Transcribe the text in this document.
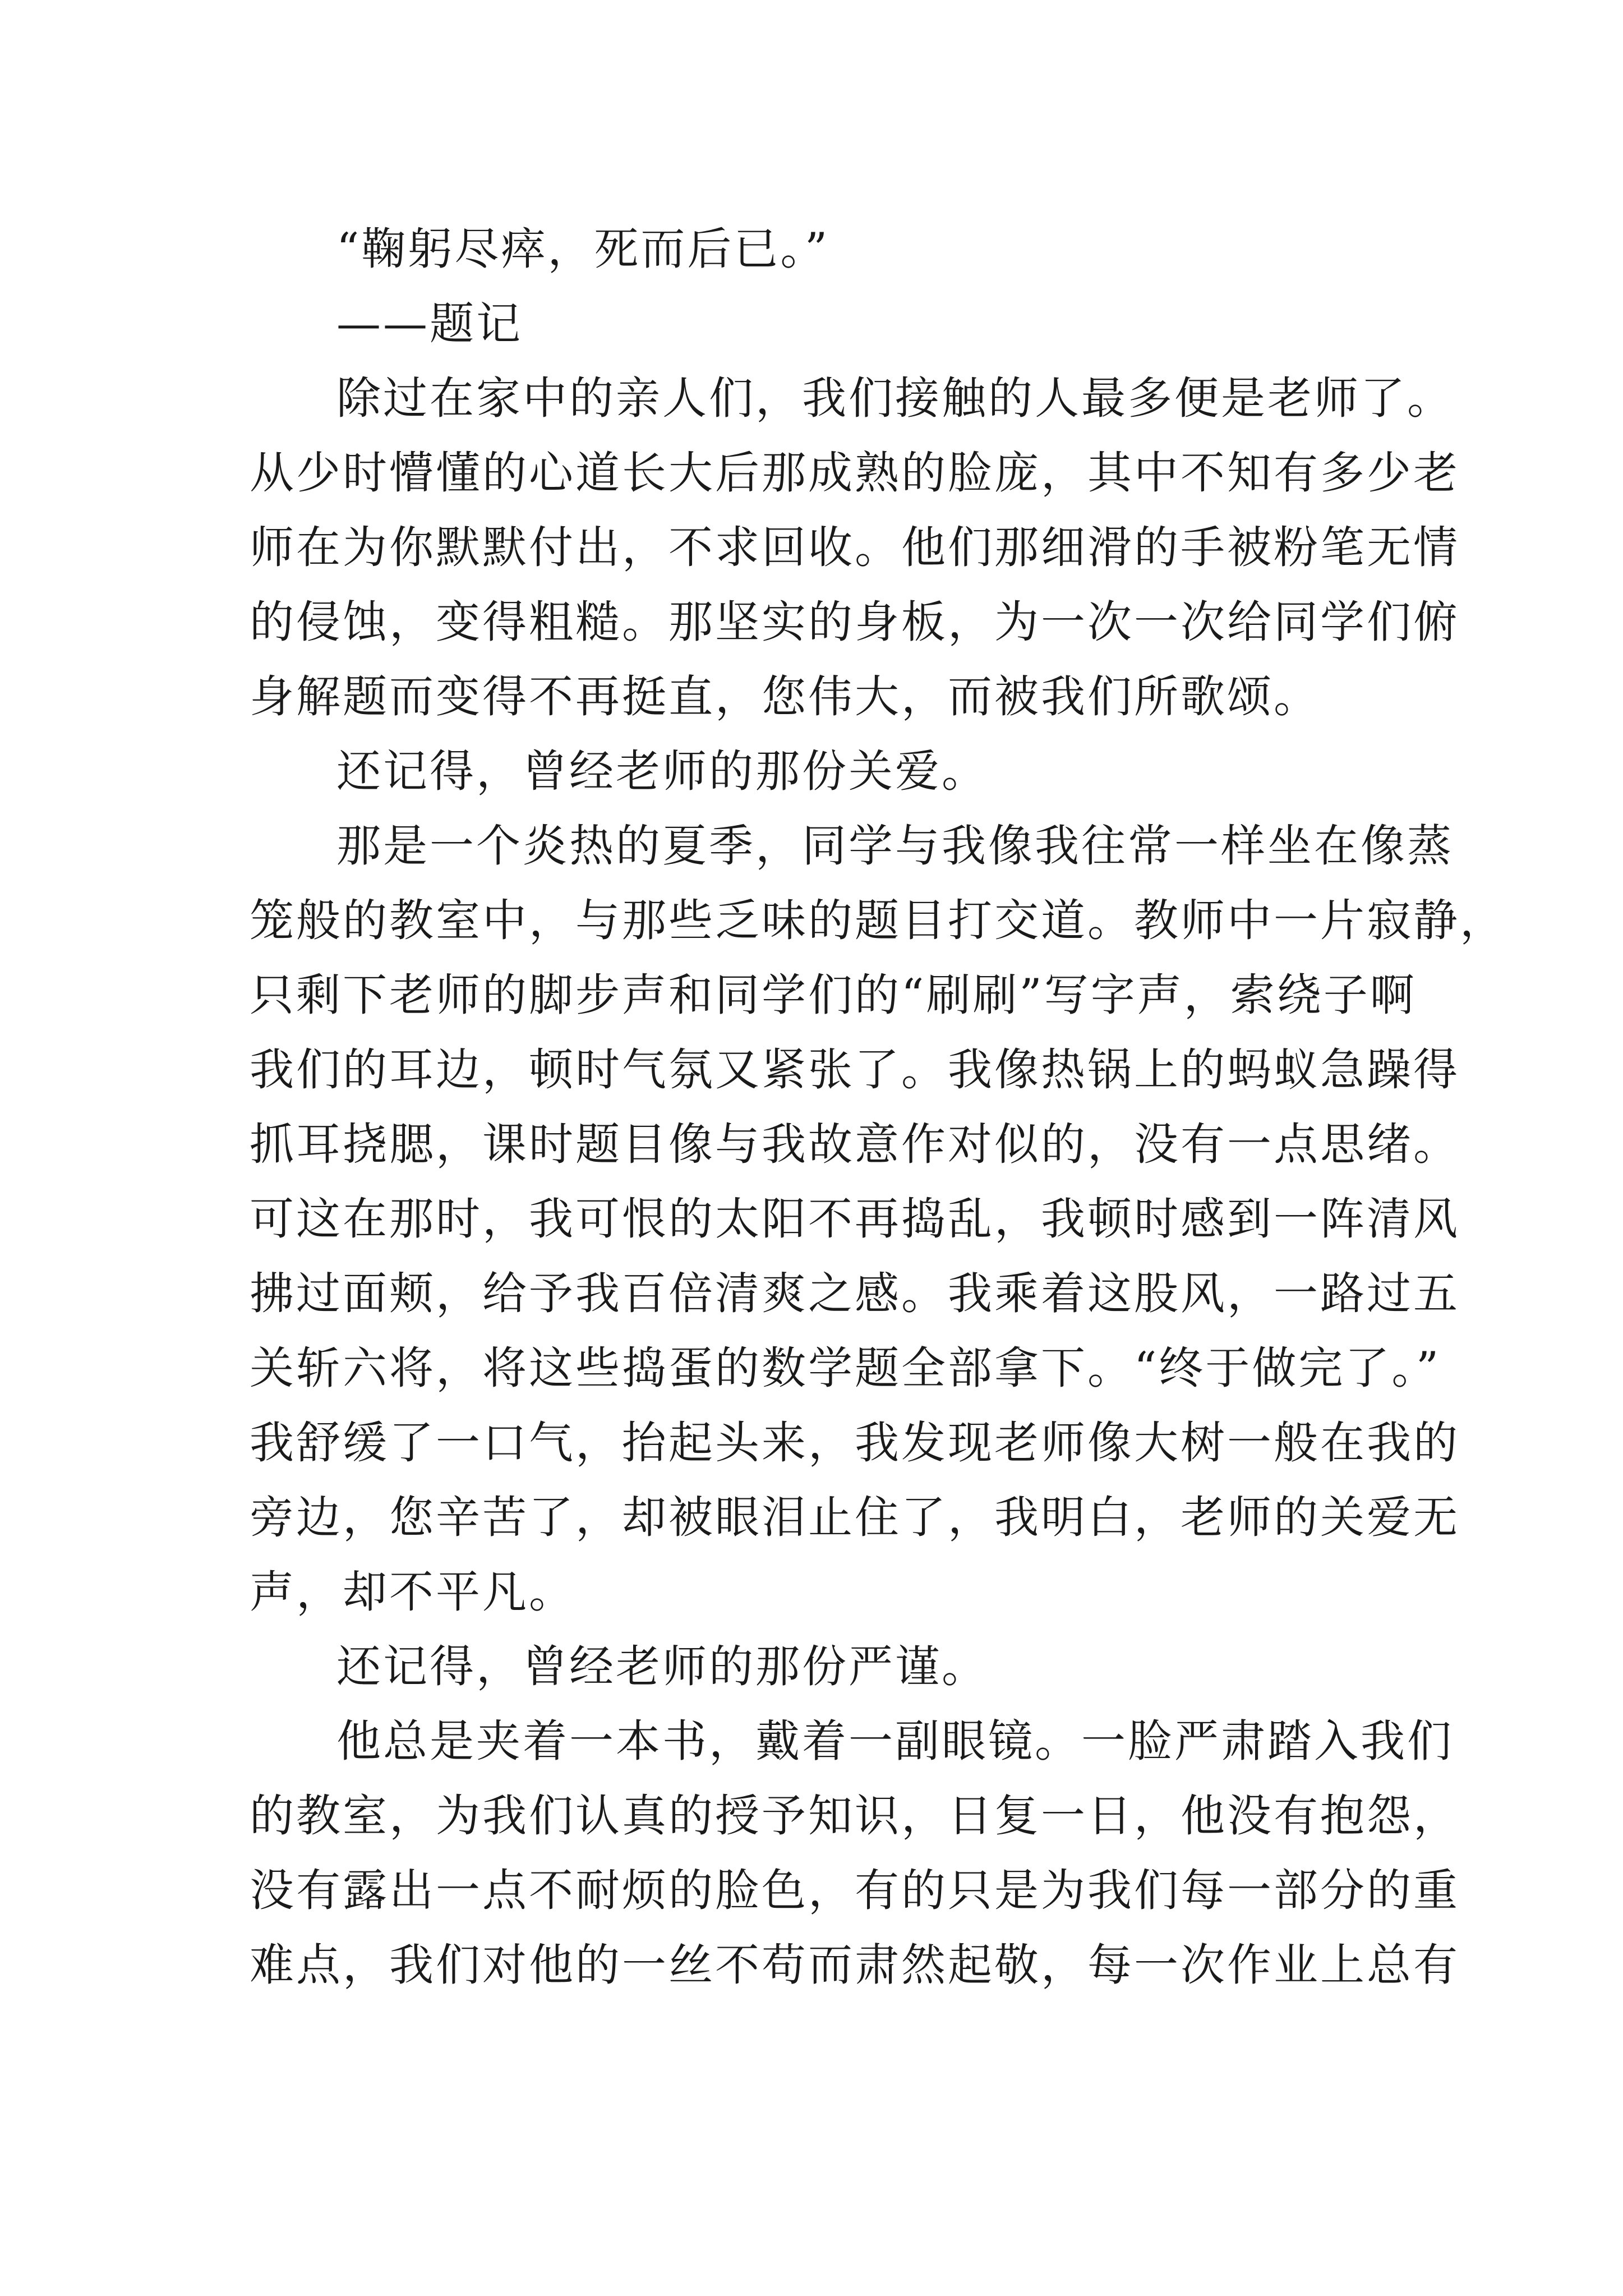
“鞠躬尽瘁，死而后已。”
——题记
除过在家中的亲人们，我们接触的人最多便是老师了。
从少时懵懂的心道长大后那成熟的脸庞，其中不知有多少老
师在为你默默付出，不求回收。他们那细滑的手被粉笔无情
的侵蚀，变得粗糙。那坚实的身板，为一次一次给同学们俯
身解题而变得不再挺直，您伟大，而被我们所歌颂。
还记得，曾经老师的那份关爱。
那是一个炎热的夏季，同学与我像我往常一样坐在像蒸
笼般的教室中，与那些乏味的题目打交道。教师中一片寂静，
只剩下老师的脚步声和同学们的“刷刷”写字声，索绕子啊
我们的耳边，顿时气氛又紧张了。我像热锅上的蚂蚁急躁得
抓耳挠腮，课时题目像与我故意作对似的，没有一点思绪。
可这在那时，我可恨的太阳不再捣乱，我顿时感到一阵清风
拂过面颊，给予我百倍清爽之感。我乘着这股风，一路过五
关斩六将，将这些捣蛋的数学题全部拿下。“终于做完了。”
我舒缓了一口气，抬起头来，我发现老师像大树一般在我的
旁边，您辛苦了，却被眼泪止住了，我明白，老师的关爱无
声，却不平凡。
还记得，曾经老师的那份严谨。
他总是夹着一本书，戴着一副眼镜。一脸严肃踏入我们
的教室，为我们认真的授予知识，日复一日，他没有抱怨，
没有露出一点不耐烦的脸色，有的只是为我们每一部分的重
难点，我们对他的一丝不苟而肃然起敬，每一次作业上总有
